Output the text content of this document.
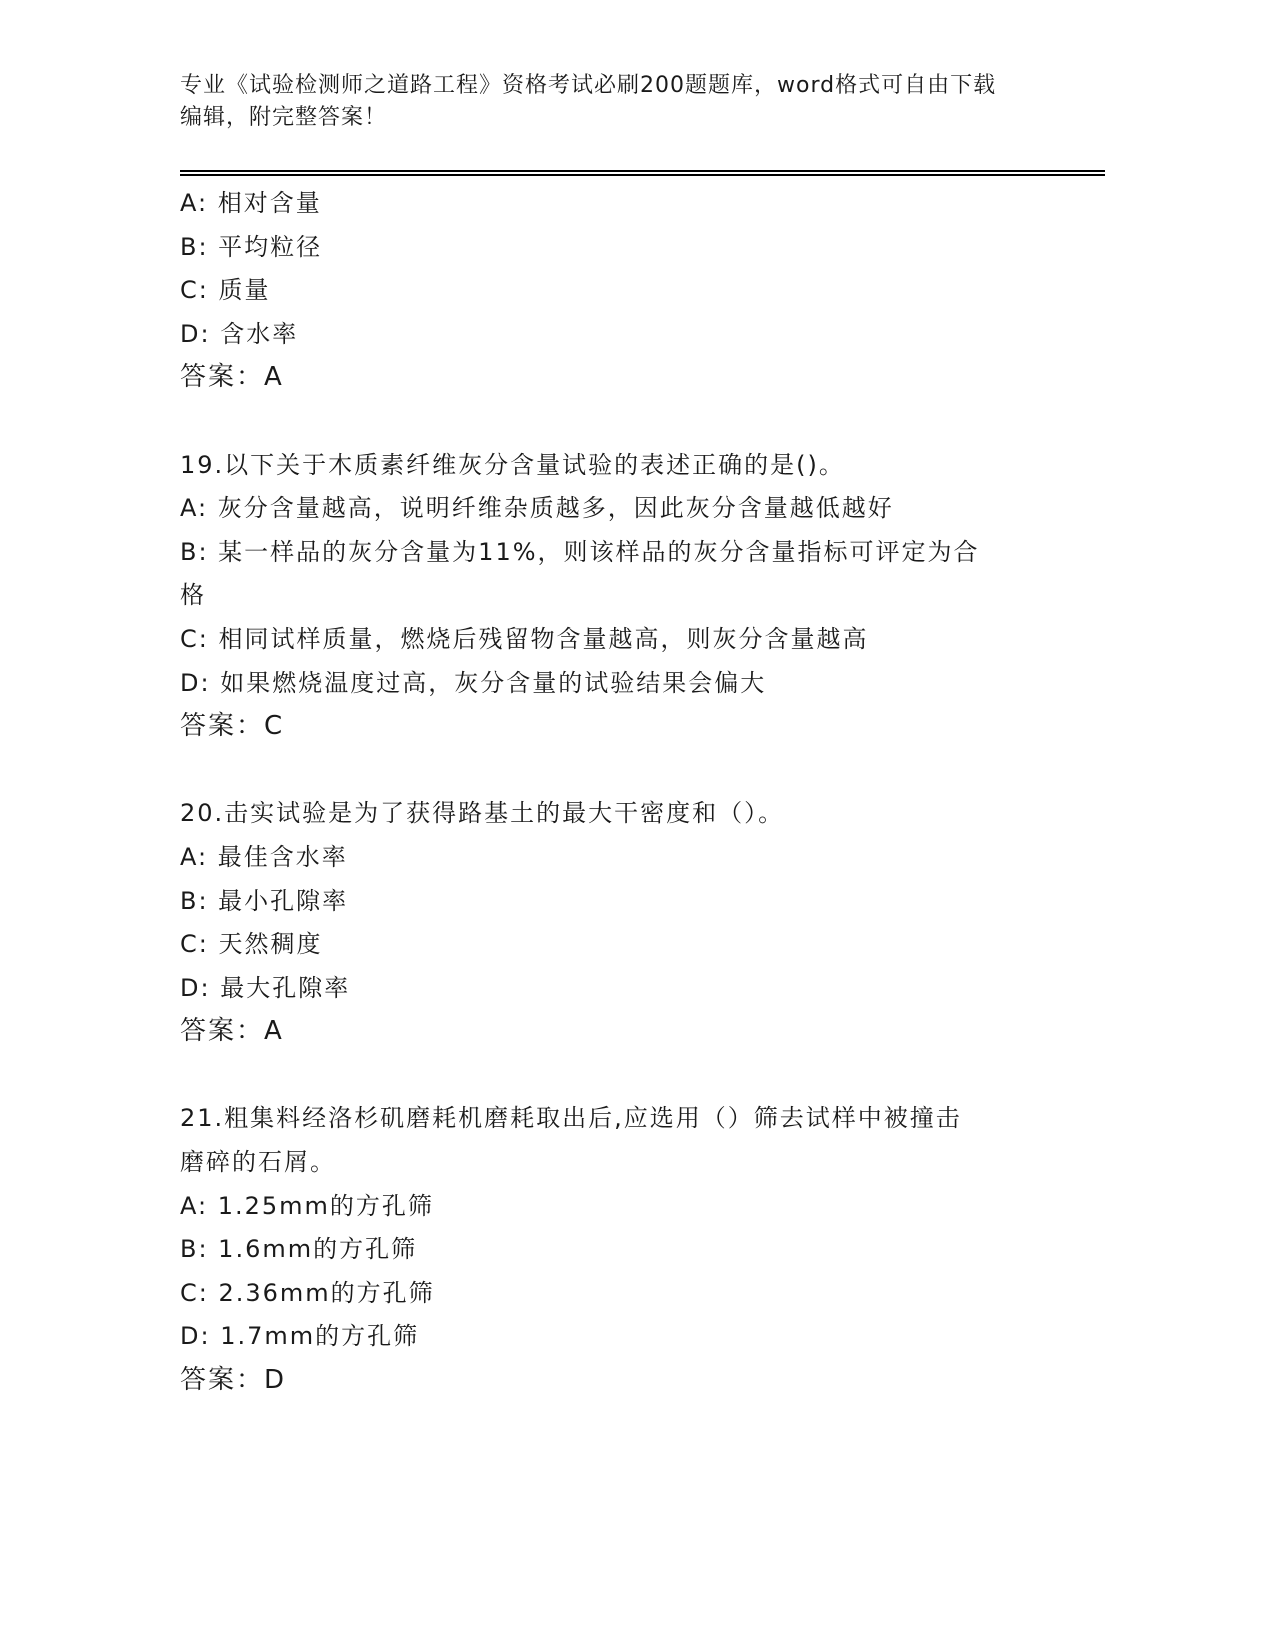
专业《试验检测师之道路工程》资格考试必刷200题题库，word格式可自由下载
编辑，附完整答案！
A: 相对含量
B: 平均粒径
C: 质量
D: 含水率
答案：A
19.以下关于木质素纤维灰分含量试验的表述正确的是()。
A: 灰分含量越高，说明纤维杂质越多，因此灰分含量越低越好
B: 某一样品的灰分含量为11%，则该样品的灰分含量指标可评定为合
格
C: 相同试样质量，燃烧后残留物含量越高，则灰分含量越高
D: 如果燃烧温度过高，灰分含量的试验结果会偏大
答案：C
20.击实试验是为了获得路基土的最大干密度和（）。
A: 最佳含水率
B: 最小孔隙率
C: 天然稠度
D: 最大孔隙率
答案：A
21.粗集料经洛杉矶磨耗机磨耗取出后,应选用（）筛去试样中被撞击
磨碎的石屑。
A: 1.25mm的方孔筛
B: 1.6mm的方孔筛
C: 2.36mm的方孔筛
D: 1.7mm的方孔筛
答案：D
